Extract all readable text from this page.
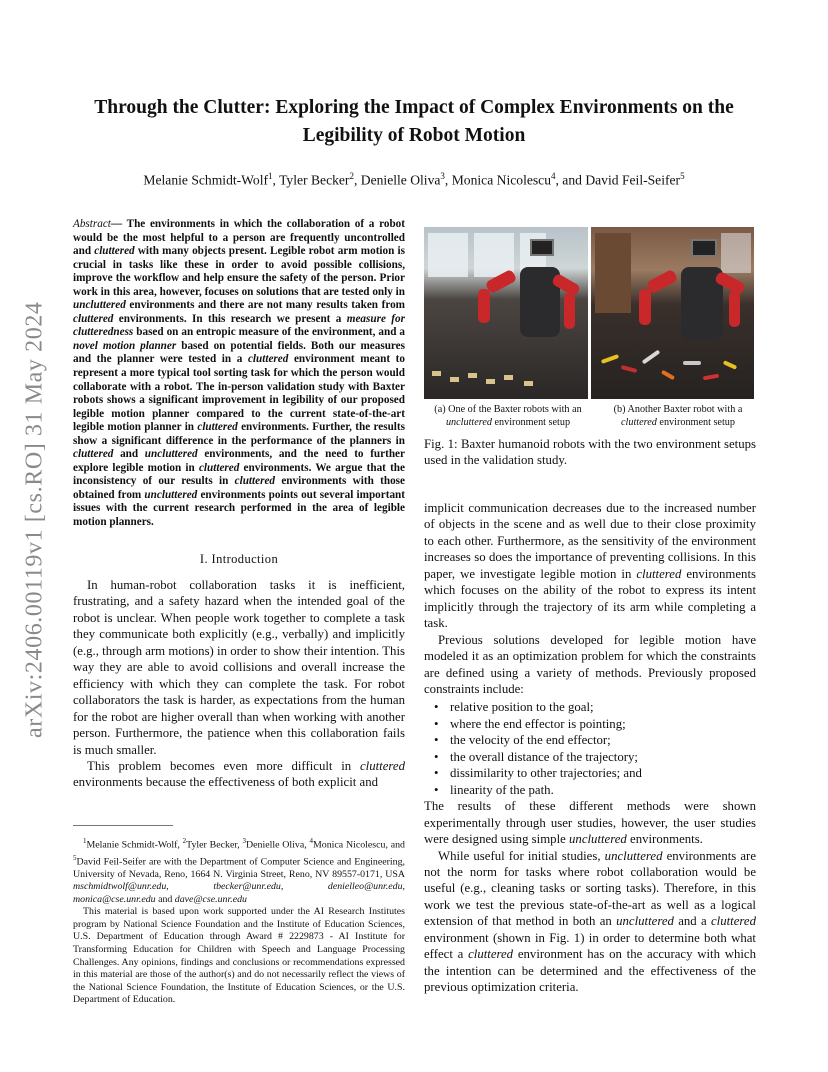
arXiv:2406.00119v1 [cs.RO] 31 May 2024
Through the Clutter: Exploring the Impact of Complex Environments on the Legibility of Robot Motion
Melanie Schmidt-Wolf$^1$, Tyler Becker$^2$, Denielle Oliva$^3$, Monica Nicolescu$^4$, and David Feil-Seifer$^5$
Abstract— The environments in which the collaboration of a robot would be the most helpful to a person are frequently uncontrolled and cluttered with many objects present. Legible robot arm motion is crucial in tasks like these in order to avoid possible collisions, improve the workflow and help ensure the safety of the person. Prior work in this area, however, focuses on solutions that are tested only in uncluttered environments and there are not many results taken from cluttered environments. In this research we present a measure for clutteredness based on an entropic measure of the environment, and a novel motion planner based on potential fields. Both our measures and the planner were tested in a cluttered environment meant to represent a more typical tool sorting task for which the person would collaborate with a robot. The in-person validation study with Baxter robots shows a significant improvement in legibility of our proposed legible motion planner compared to the current state-of-the-art legible motion planner in cluttered environments. Further, the results show a significant difference in the performance of the planners in cluttered and uncluttered environments, and the need to further explore legible motion in cluttered environments. We argue that the inconsistency of our results in cluttered environments with those obtained from uncluttered environments points out several important issues with the current research performed in the area of legible motion planners.
I. Introduction

In human-robot collaboration tasks it is inefficient, frustrating, and a safety hazard when the intended goal of the robot is unclear. When people work together to complete a task they communicate both explicitly (e.g., verbally) and implicitly (e.g., through arm motions) in order to show their intention. This way they are able to avoid collisions and overall increase the efficiency with which they can complete the task. For robot collaborators the task is harder, as expectations from the human for the robot are higher overall than when working with another person. Furthermore, the patience when this collaboration fails is much smaller.

This problem becomes even more difficult in cluttered environments because the effectiveness of both explicit and

$^1$Melanie Schmidt-Wolf, $^2$Tyler Becker, $^3$Denielle Oliva, $^4$Monica Nicolescu, and $^5$David Feil-Seifer are with the Department of Computer Science and Engineering, University of Nevada, Reno, 1664 N. Virginia Street, Reno, NV 89557-0171, USA mschmidtwolf@unr.edu, tbecker@unr.edu, denielleo@unr.edu, monica@cse.unr.edu and dave@cse.unr.edu

This material is based upon work supported under the AI Research Institutes program by National Science Foundation and the Institute of Education Sciences, U.S. Department of Education through Award # 2229873 - AI Institute for Transforming Education for Children with Speech and Language Processing Challenges. Any opinions, findings and conclusions or recommendations expressed in this material are those of the author(s) and do not necessarily reflect the views of the National Science Foundation, the Institute of Education Sciences, or the U.S. Department of Education.

(a) One of the Baxter robots with an uncluttered environment setup
(b) Another Baxter robot with a cluttered environment setup
Fig. 1: Baxter humanoid robots with the two environment setups used in the validation study.

implicit communication decreases due to the increased number of objects in the scene and as well due to their close proximity to each other. Furthermore, as the sensitivity of the environment increases so does the importance of preventing collisions. In this paper, we investigate legible motion in cluttered environments which focuses on the ability of the robot to express its intent implicitly through the trajectory of its arm while completing a task.

Previous solutions developed for legible motion have modeled it as an optimization problem for which the constraints are defined using a variety of methods. Previously proposed constraints include:

• relative position to the goal;
• where the end effector is pointing;
• the velocity of the end effector;
• the overall distance of the trajectory;
• dissimilarity to other trajectories; and
• linearity of the path.

The results of these different methods were shown experimentally through user studies, however, the user studies were designed using simple uncluttered environments.

While useful for initial studies, uncluttered environments are not the norm for tasks where robot collaboration would be useful (e.g., cleaning tasks or sorting tasks). Therefore, in this work we test the previous state-of-the-art as well as a logical extension of that method in both an uncluttered and a cluttered environment (shown in Fig. 1) in order to determine both what effect a cluttered environment has on the accuracy with which the intention can be determined and the effectiveness of the previous optimization criteria.
